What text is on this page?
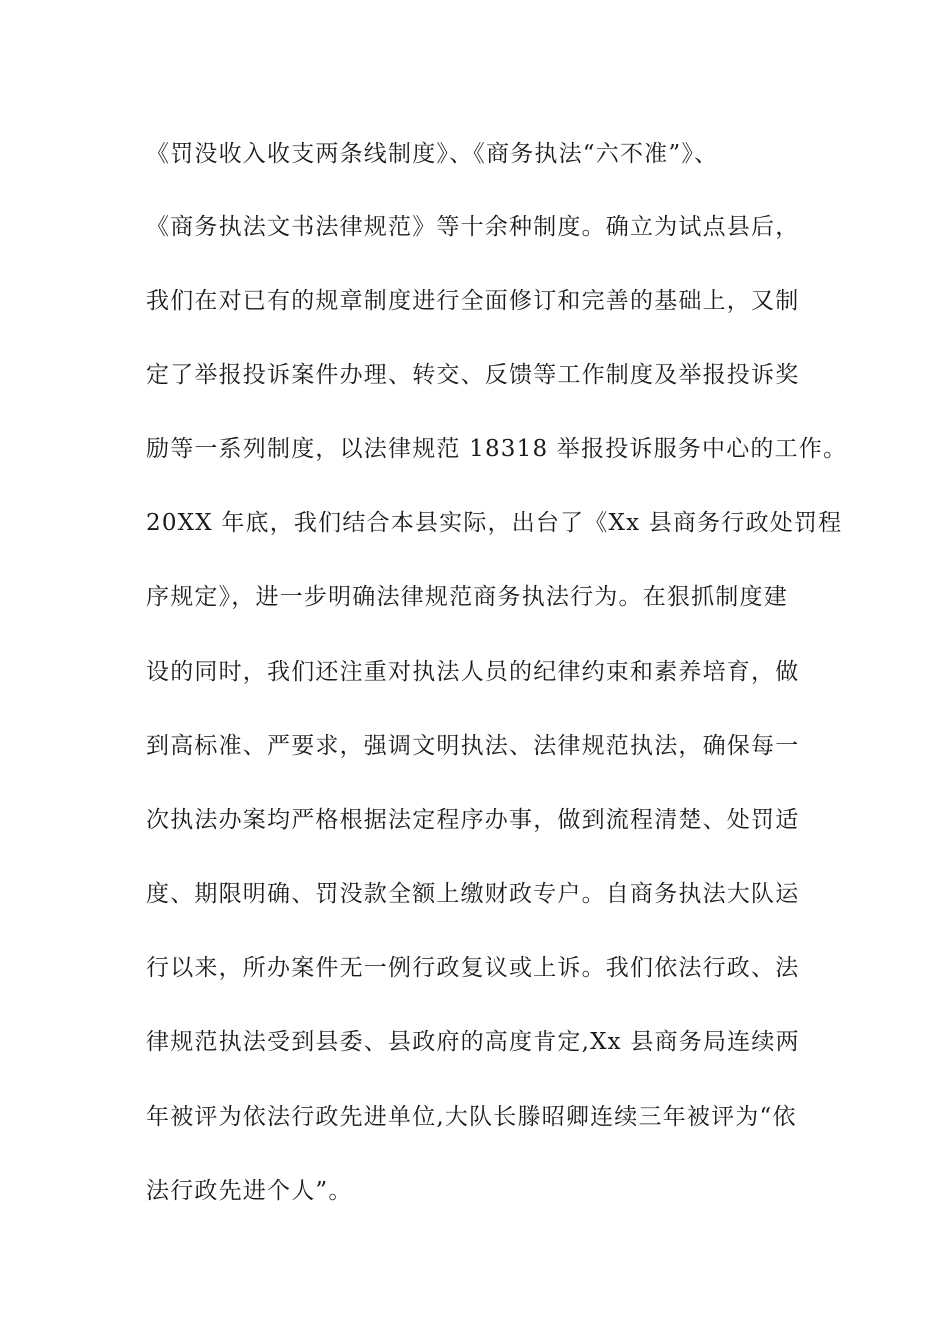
《罚没收入收支两条线制度》、《商务执法“六不准”》、
《商务执法文书法律规范》等十余种制度。确立为试点县后，
我们在对已有的规章制度进行全面修订和完善的基础上，又制
定了举报投诉案件办理、转交、反馈等工作制度及举报投诉奖
励等一系列制度，以法律规范 18318 举报投诉服务中心的工作。
20XX 年底，我们结合本县实际，出台了《Xx 县商务行政处罚程
序规定》，进一步明确法律规范商务执法行为。在狠抓制度建
设的同时，我们还注重对执法人员的纪律约束和素养培育，做
到高标准、严要求，强调文明执法、法律规范执法，确保每一
次执法办案均严格根据法定程序办事，做到流程清楚、处罚适
度、期限明确、罚没款全额上缴财政专户。自商务执法大队运
行以来，所办案件无一例行政复议或上诉。我们依法行政、法
律规范执法受到县委、县政府的高度肯定,Xx 县商务局连续两
年被评为依法行政先进单位,大队长滕昭卿连续三年被评为“依
法行政先进个人”。
